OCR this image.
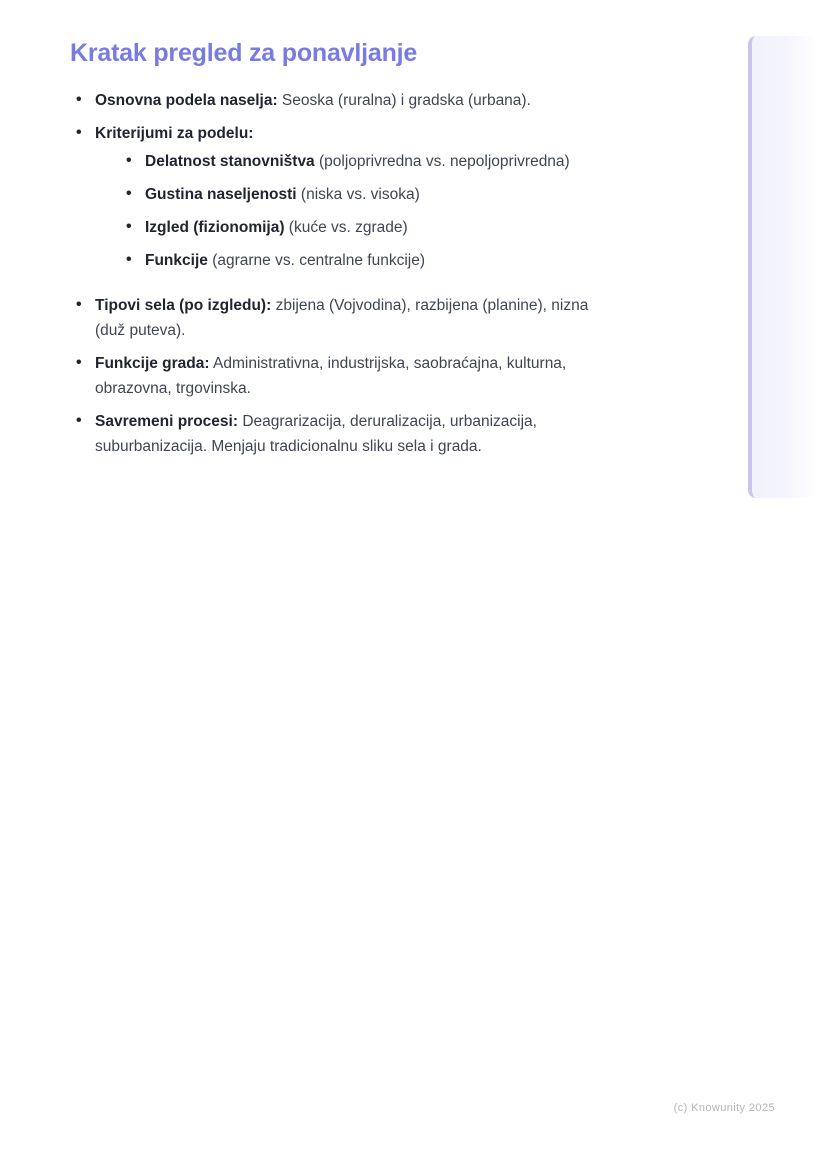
Kratak pregled za ponavljanje
• Osnovna podela naselja: Seoska (ruralna) i gradska (urbana).
• Kriterijumi za podelu:
• Delatnost stanovništva (poljoprivredna vs. nepoljoprivredna)
• Gustina naseljenosti (niska vs. visoka)
• Izgled (fizionomija) (kuće vs. zgrade)
• Funkcije (agrarne vs. centralne funkcije)
• Tipovi sela (po izgledu): zbijena (Vojvodina), razbijena (planine), nizna (duž puteva).
• Funkcije grada: Administrativna, industrijska, saobraćajna, kulturna, obrazovna, trgovinska.
• Savremeni procesi: Deagrarizacija, deruralizacija, urbanizacija, suburbanizacija. Menjaju tradicionalnu sliku sela i grada.
(c) Knowunity 2025
